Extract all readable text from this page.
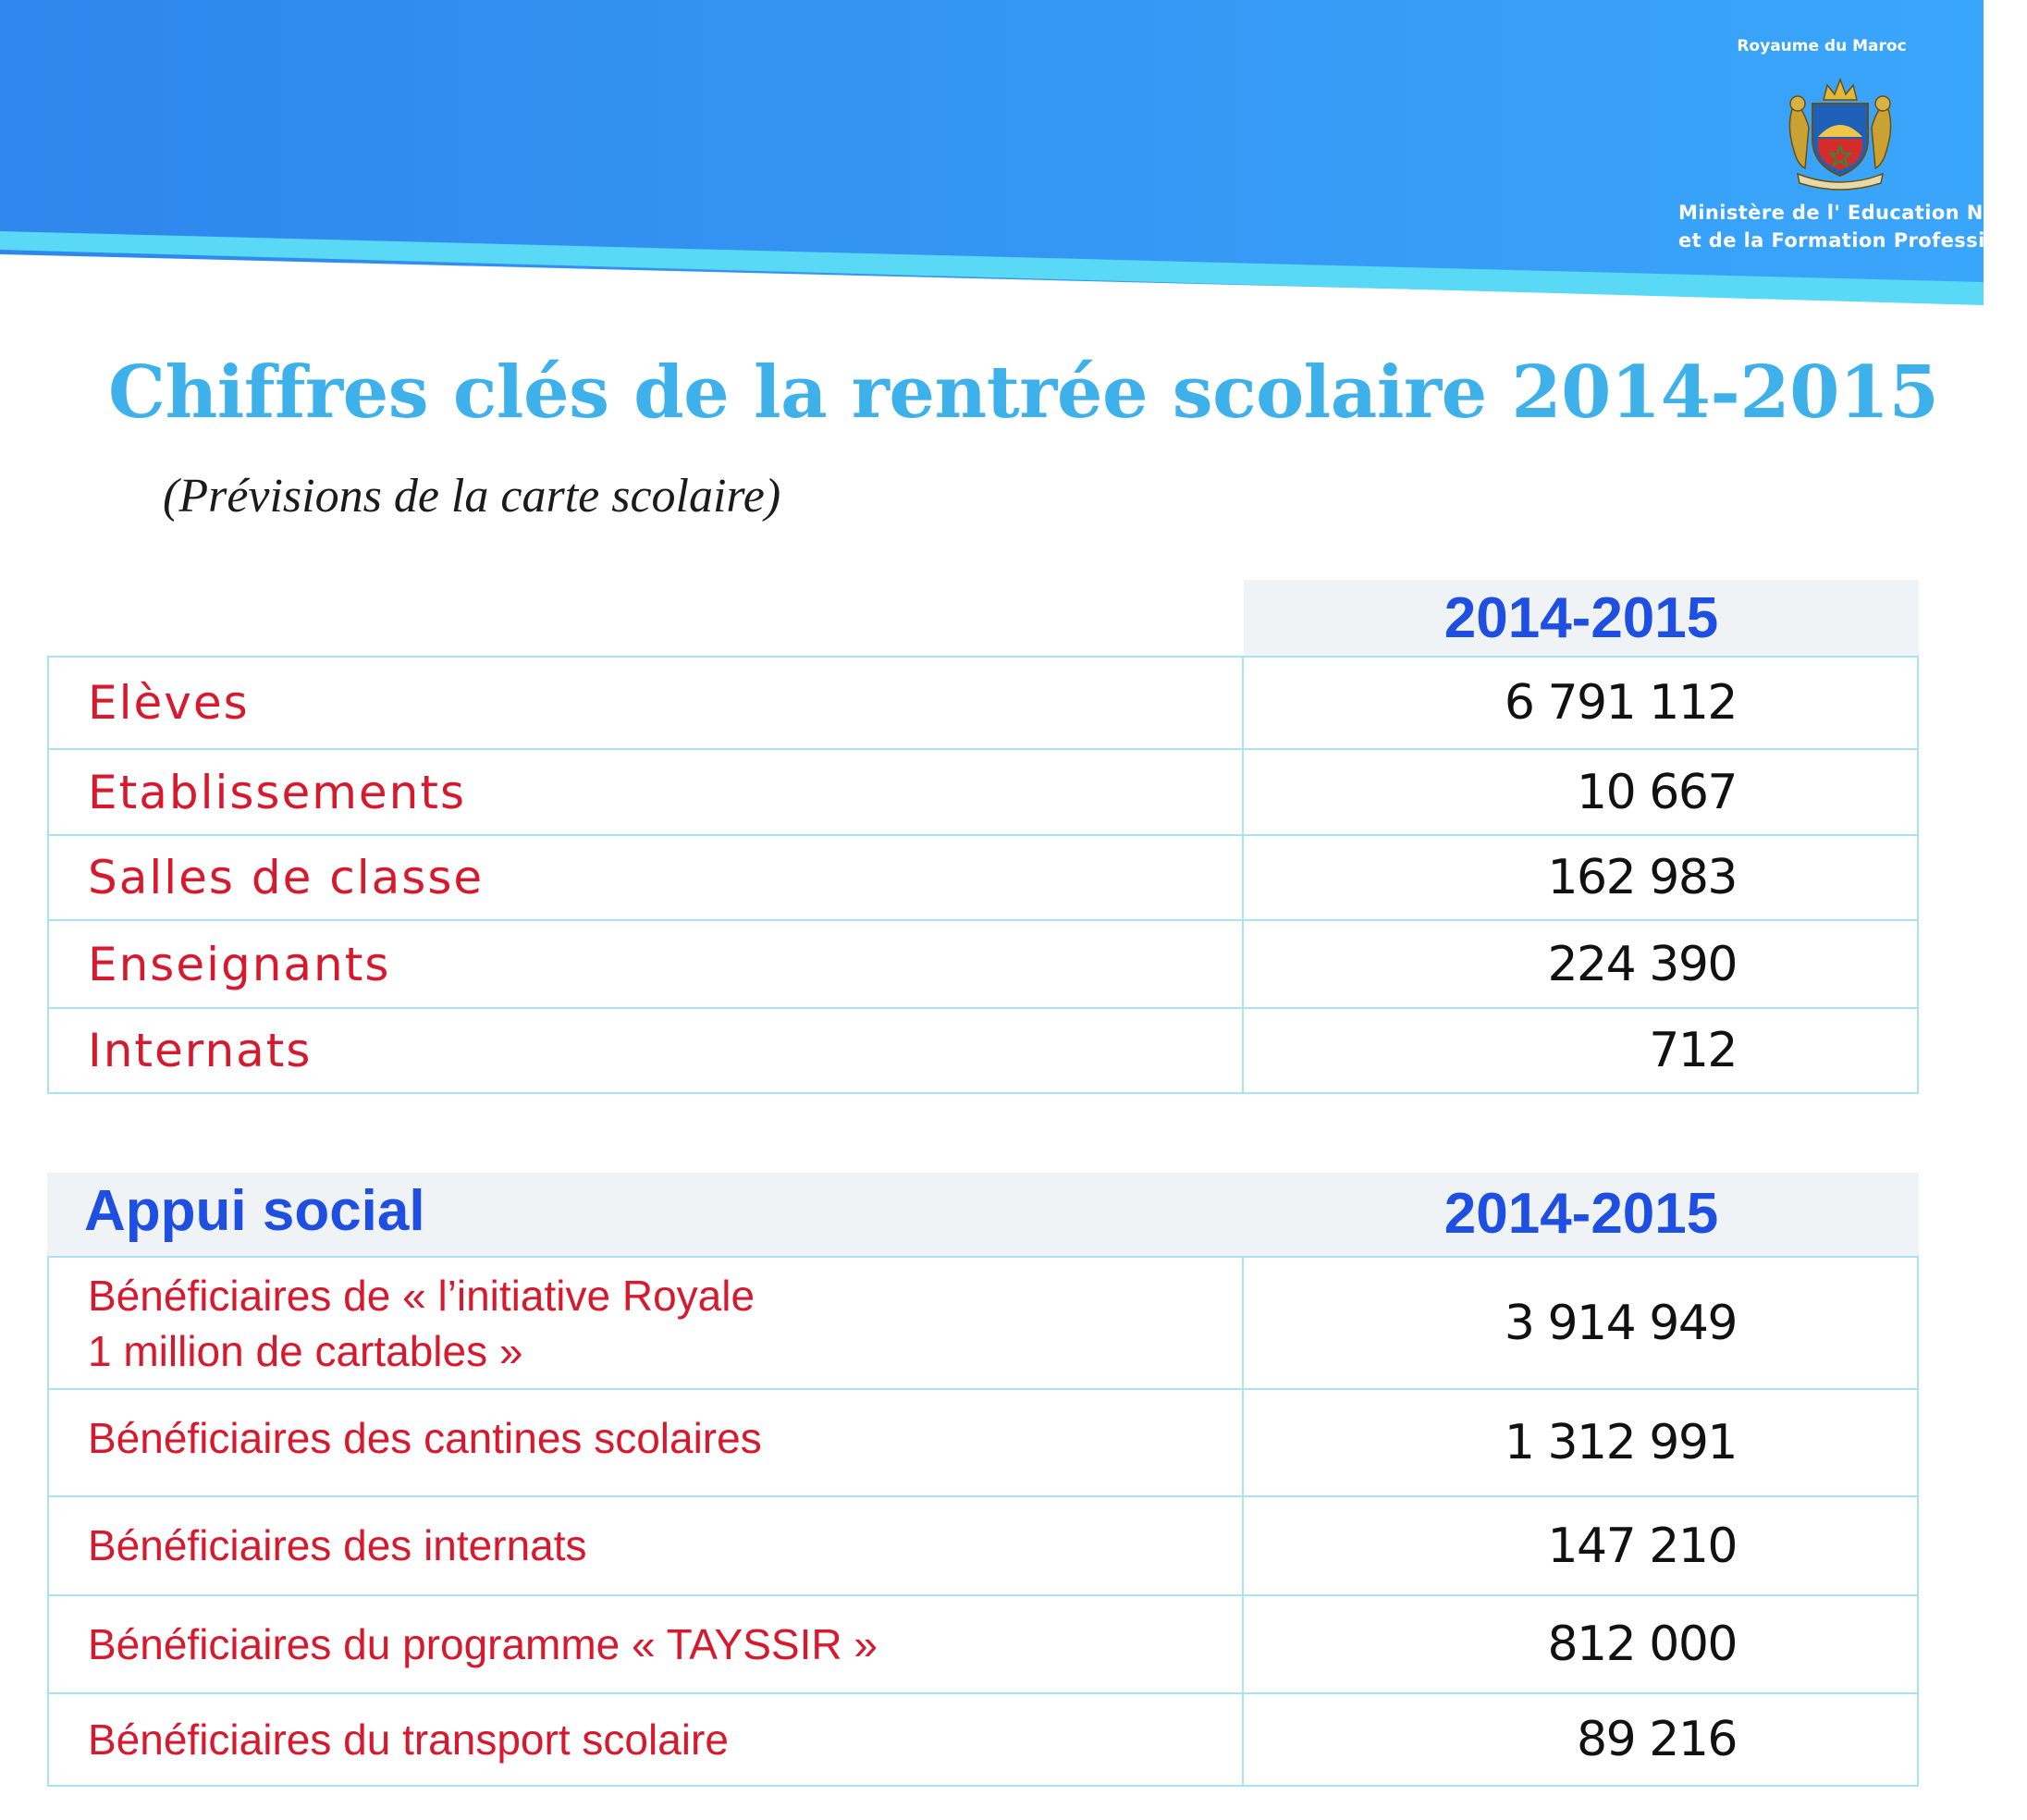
Royaume du Maroc
Ministère de l' Education Natio
et de la Formation Professionn
Chiffres clés de la rentrée scolaire 2014-2015
(Prévisions de la carte scolaire)
2014-2015
Elèves	6 791 112
Etablissements	10 667
Salles de classe	162 983
Enseignants	224 390
Internats	712
Appui social	2014-2015
Bénéficiaires de « l’initiative Royale
1 million de cartables »	3 914 949
Bénéficiaires des cantines scolaires	1 312 991
Bénéficiaires des internats	147 210
Bénéficiaires du programme « TAYSSIR »	812 000
Bénéficiaires du transport scolaire	89 216
